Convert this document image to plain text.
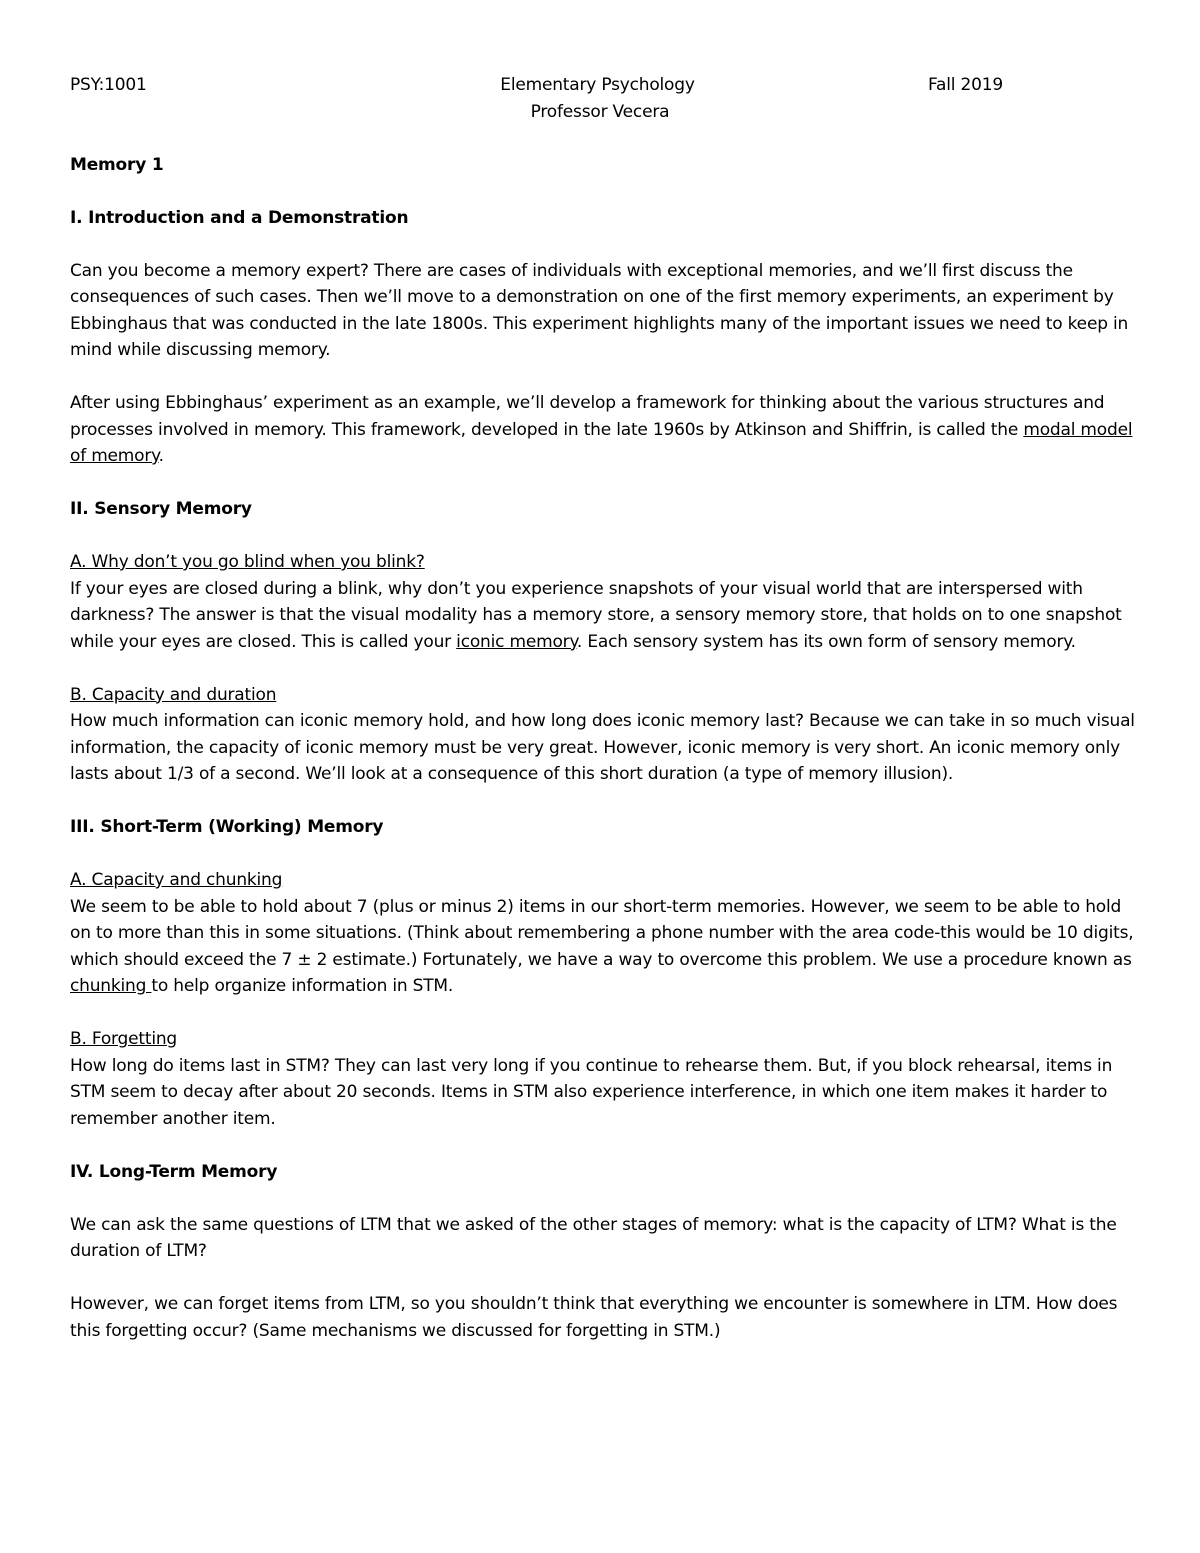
PSY:1001	Elementary Psychology	Fall 2019

Professor Vecera

Memory 1

I. Introduction and a Demonstration

Can you become a memory expert? There are cases of individuals with exceptional memories, and we’ll first discuss the consequences of such cases. Then we’ll move to a demonstration on one of the first memory experiments, an experiment by Ebbinghaus that was conducted in the late 1800s. This experiment highlights many of the important issues we need to keep in mind while discussing memory.

After using Ebbinghaus’ experiment as an example, we’ll develop a framework for thinking about the various structures and processes involved in memory. This framework, developed in the late 1960s by Atkinson and Shiffrin, is called the modal model of memory.

II. Sensory Memory

A. Why don’t you go blind when you blink?

If your eyes are closed during a blink, why don’t you experience snapshots of your visual world that are interspersed with darkness? The answer is that the visual modality has a memory store, a sensory memory store, that holds on to one snapshot while your eyes are closed. This is called your iconic memory. Each sensory system has its own form of sensory memory.

B. Capacity and duration

How much information can iconic memory hold, and how long does iconic memory last? Because we can take in so much visual information, the capacity of iconic memory must be very great. However, iconic memory is very short. An iconic memory only lasts about 1/3 of a second. We’ll look at a consequence of this short duration (a type of memory illusion).

III. Short-Term (Working) Memory

A. Capacity and chunking

We seem to be able to hold about 7 (plus or minus 2) items in our short-term memories. However, we seem to be able to hold on to more than this in some situations. (Think about remembering a phone number with the area code-this would be 10 digits, which should exceed the 7 ± 2 estimate.) Fortunately, we have a way to overcome this problem. We use a procedure known as chunking to help organize information in STM.

B. Forgetting

How long do items last in STM? They can last very long if you continue to rehearse them. But, if you block rehearsal, items in STM seem to decay after about 20 seconds. Items in STM also experience interference, in which one item makes it harder to remember another item.

IV. Long-Term Memory

We can ask the same questions of LTM that we asked of the other stages of memory: what is the capacity of LTM? What is the duration of LTM?

However, we can forget items from LTM, so you shouldn’t think that everything we encounter is somewhere in LTM. How does this forgetting occur? (Same mechanisms we discussed for forgetting in STM.)
